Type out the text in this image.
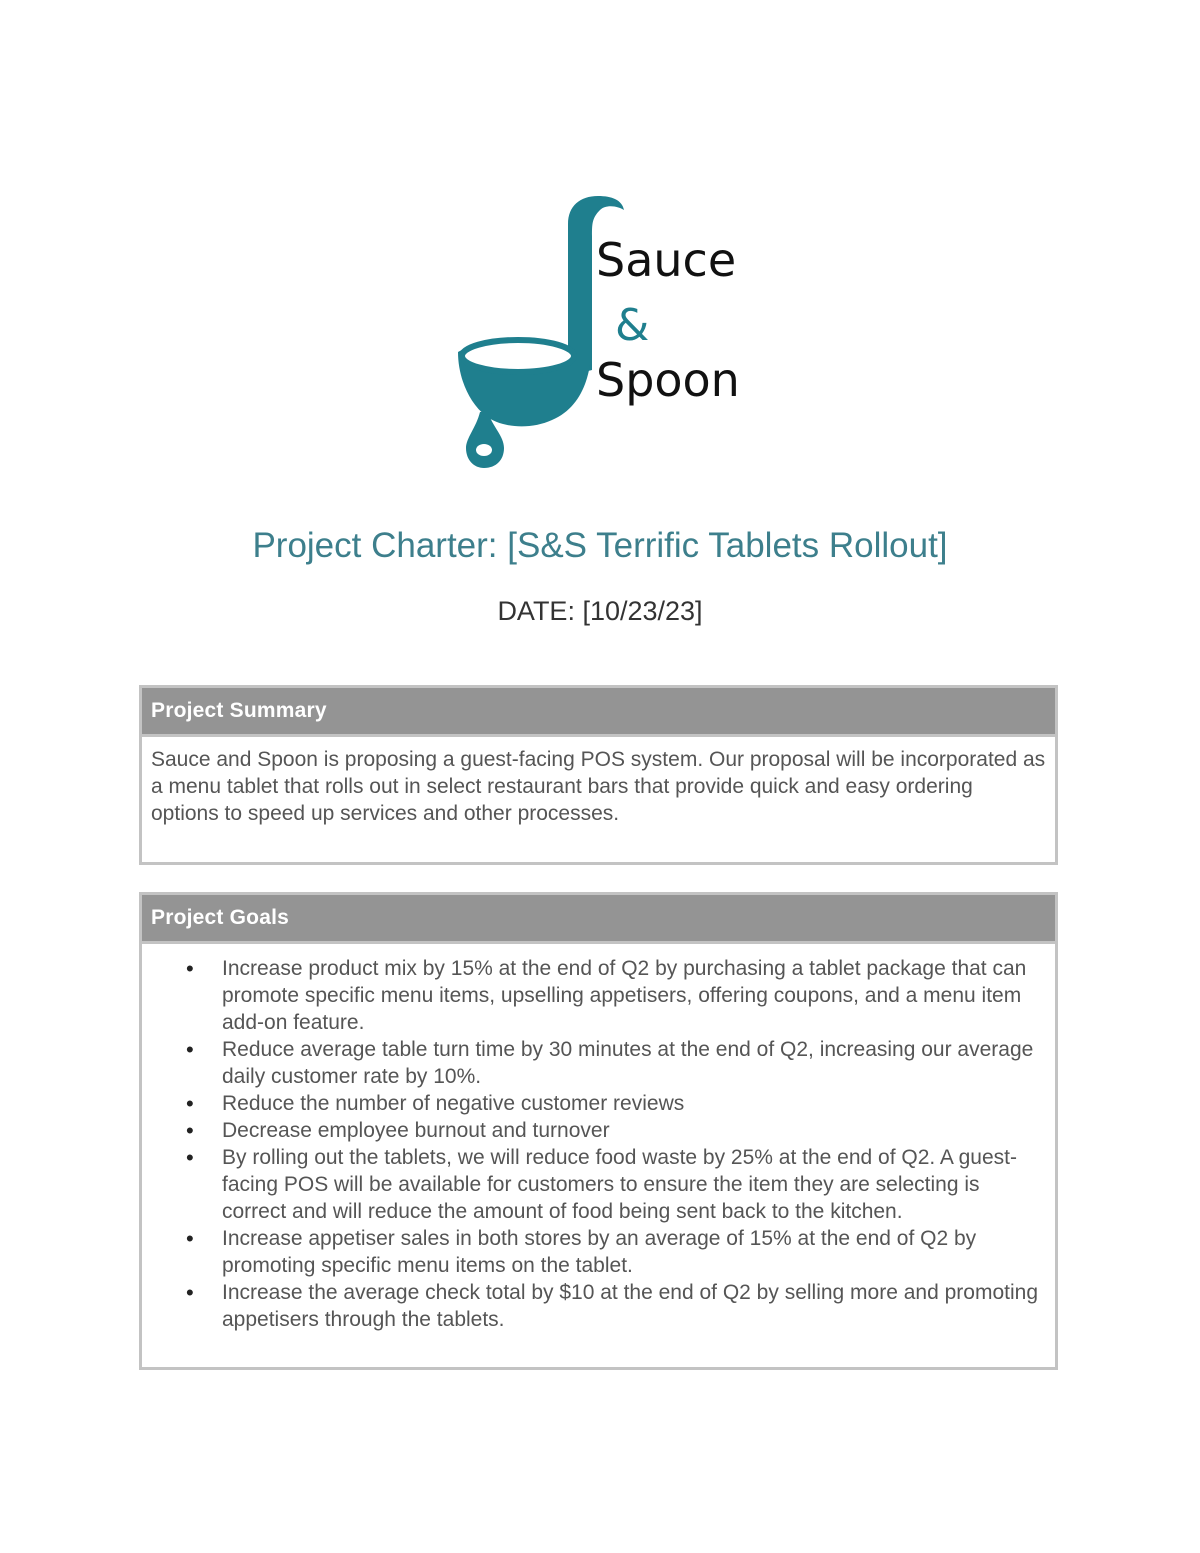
Sauce
&
Spoon
Project Charter: [S&S Terrific Tablets Rollout]
DATE: [10/23/23]
Project Summary
Sauce and Spoon is proposing a guest-facing POS system. Our proposal will be incorporated as a menu tablet that rolls out in select restaurant bars that provide quick and easy ordering options to speed up services and other processes.
Project Goals
• Increase product mix by 15% at the end of Q2 by purchasing a tablet package that can promote specific menu items, upselling appetisers, offering coupons, and a menu item add-on feature.
• Reduce average table turn time by 30 minutes at the end of Q2, increasing our average daily customer rate by 10%.
• Reduce the number of negative customer reviews
• Decrease employee burnout and turnover
• By rolling out the tablets, we will reduce food waste by 25% at the end of Q2. A guest-facing POS will be available for customers to ensure the item they are selecting is correct and will reduce the amount of food being sent back to the kitchen.
• Increase appetiser sales in both stores by an average of 15% at the end of Q2 by promoting specific menu items on the tablet.
• Increase the average check total by $10 at the end of Q2 by selling more and promoting appetisers through the tablets.
